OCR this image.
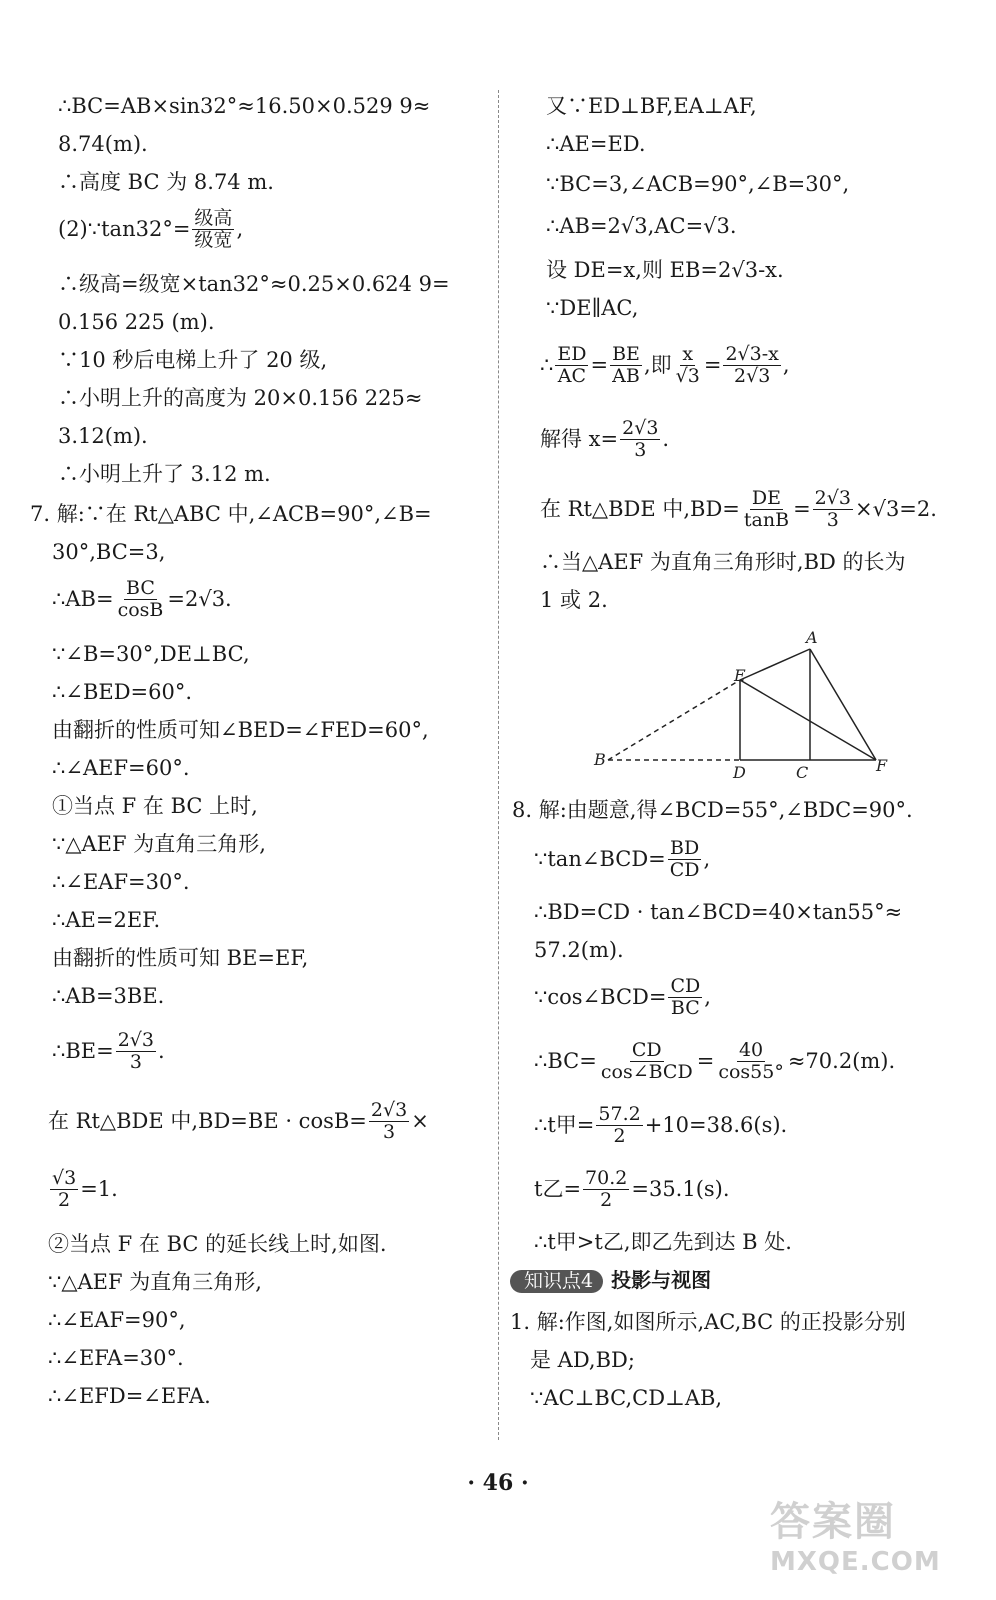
∴BC=AB×sin32°≈16.50×0.529 9≈
8.74(m).
∴高度 BC 为 8.74 m.
(2)∵tan32°= $\frac{\text{级高}}{\text{级宽}}$ ,
∴级高=级宽×tan32°≈0.25×0.624 9=
0.156 225 (m).
∵10 秒后电梯上升了 20 级,
∴小明上升的高度为 20×0.156 225≈
3.12(m).
∴小明上升了 3.12 m.
7. 解:∵在 Rt△ABC 中,∠ACB=90°,∠B=
30°,BC=3,
∴AB= $\frac{BC}{\cos B} =2√3$.
∵∠B=30°,DE⊥BC,
∴∠BED=60°.
由翻折的性质可知∠BED=∠FED=60°,
∴∠AEF=60°.
①当点 F 在 BC 上时,
∵△AEF 为直角三角形,
∴∠EAF=30°.
∴AE=2EF.
由翻折的性质可知 BE=EF,
∴AB=3BE.
∴BE= $\frac{2√3}{3}$ .
在 Rt△BDE 中$,BD=BE \cdot \cos B= \frac{2√3}{3}$ ×
$\frac{√3}{2} =1$.
②当点 F 在 BC 的延长线上时,如图.
∵△AEF 为直角三角形,
∴∠EAF=90°,
∴∠EFA=30°.
∴∠EFD=∠EFA.
又∵ED⊥BF,EA⊥AF,
∴AE=ED.
∵BC=3,∠ACB=90°,∠B=30°,
∴AB=2√3,AC=√3.
设 DE=x,则 EB=2√3-x.
∵DE∥AC,
∴ $\frac{ED}{AC} = \frac{BE}{AB}$ ,即 $\frac{x}{√3} = \frac{2√3-x}{2√3}$ ,
解得 $x= \frac{2√3}{3}$ .
在 Rt△BDE 中$,BD= \frac{DE}{\tan B} = \frac{2√3}{3} \times√3=2$.
∴当△AEF 为直角三角形时,BD 的长为
1 或 2.
A
E
B
D	C	F
8. 解:由题意,得∠BCD=55°,∠BDC=90°.
∵tan∠BCD= $\frac{BD}{CD}$ ,
∴BD=CD · tan∠BCD=40×tan55°≈
57.2(m).
∵cos∠BCD= $\frac{CD}{BC}$ ,
∴BC= $\frac{CD}{\text{cos∠BCD}} = \frac{40}{\cos 55^\circ} \approx 70.2(m)$.
∴t甲= $\frac{57.2}{2} +10=38.6(s)$.
t乙= $\frac{70.2}{2} =35.1(s)$.
∴t甲>t乙,即乙先到达 B 处.
知识点4 投影与视图
1. 解:作图,如图所示,AC,BC 的正投影分别
是 AD,BD;
∵AC⊥BC,CD⊥AB,
· 46 ·
答案圈
MXQE.COM
